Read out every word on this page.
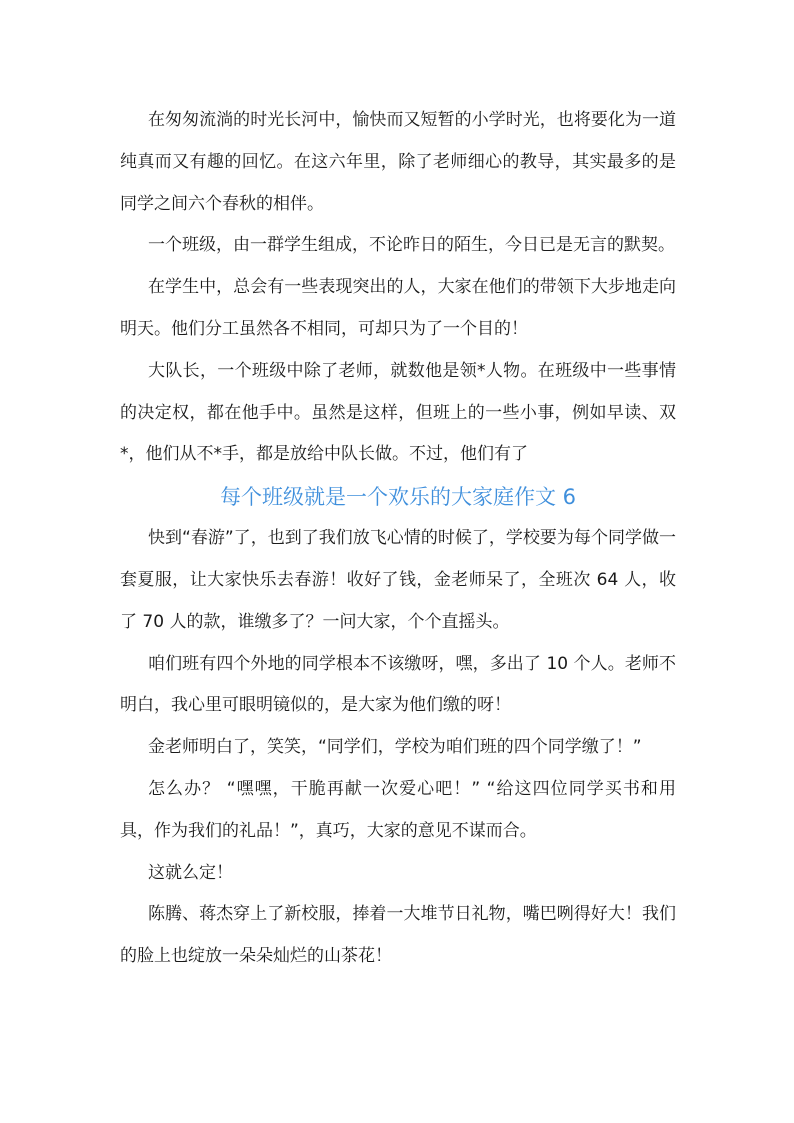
在匆匆流淌的时光长河中，愉快而又短暂的小学时光，也将要化为一道纯真而又有趣的回忆。在这六年里，除了老师细心的教导，其实最多的是同学之间六个春秋的相伴。

一个班级，由一群学生组成，不论昨日的陌生，今日已是无言的默契。

在学生中，总会有一些表现突出的人，大家在他们的带领下大步地走向明天。他们分工虽然各不相同，可却只为了一个目的！

大队长，一个班级中除了老师，就数他是领*人物。在班级中一些事情的决定权，都在他手中。虽然是这样，但班上的一些小事，例如早读、双*，他们从不*手，都是放给中队长做。不过，他们有了

每个班级就是一个欢乐的大家庭作文 6

快到“春游”了，也到了我们放飞心情的时候了，学校要为每个同学做一套夏服，让大家快乐去春游！收好了钱，金老师呆了，全班次 64 人，收了 70 人的款，谁缴多了？一问大家，个个直摇头。

咱们班有四个外地的同学根本不该缴呀，嘿，多出了 10 个人。老师不明白，我心里可眼明镜似的，是大家为他们缴的呀！

金老师明白了，笑笑，“同学们，学校为咱们班的四个同学缴了！”

怎么办？ “嘿嘿，干脆再献一次爱心吧！” “给这四位同学买书和用具，作为我们的礼品！”，真巧，大家的意见不谋而合。

这就么定！

陈腾、蒋杰穿上了新校服，捧着一大堆节日礼物，嘴巴咧得好大！我们的脸上也绽放一朵朵灿烂的山茶花！
